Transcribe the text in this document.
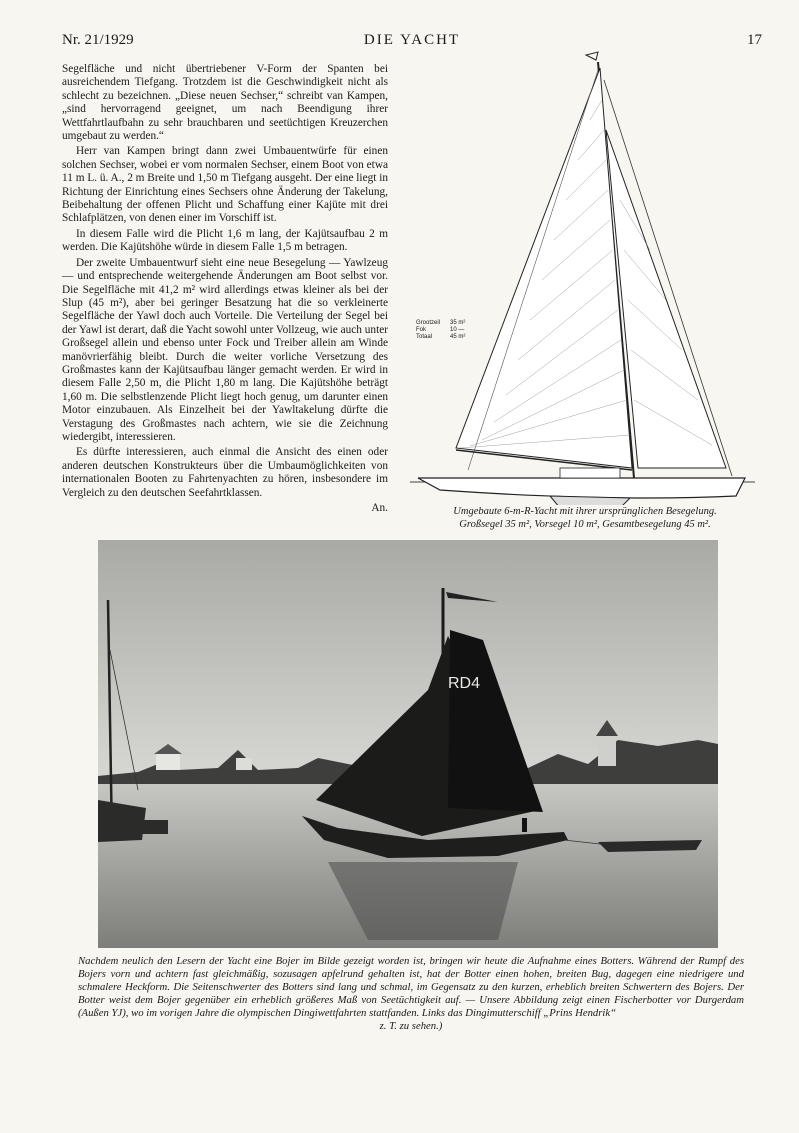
Nr. 21/1929	DIE YACHT	17

Segelfläche und nicht übertriebener V-Form der Spanten bei ausreichendem Tiefgang. Trotzdem ist die Geschwindigkeit nicht als schlecht zu bezeichnen. „Diese neuen Sechser,“ schreibt van Kampen, „sind hervorragend geeignet, um nach Beendigung ihrer Wettfahrtlaufbahn zu sehr brauchbaren und seetüchtigen Kreuzerchen umgebaut zu werden.“

Herr van Kampen bringt dann zwei Umbauentwürfe für einen solchen Sechser, wobei er vom normalen Sechser, einem Boot von etwa 11 m L. ü. A., 2 m Breite und 1,50 m Tiefgang ausgeht. Der eine liegt in Richtung der Einrichtung eines Sechsers ohne Änderung der Takelung, Beibehaltung der offenen Plicht und Schaffung einer Kajüte mit drei Schlafplätzen, von denen einer im Vorschiff ist.

In diesem Falle wird die Plicht 1,6 m lang, der Kajütsaufbau 2 m werden. Die Kajütshöhe würde in diesem Falle 1,5 m betragen.

Der zweite Umbauentwurf sieht eine neue Besegelung — Yawlzeug — und entsprechende weitergehende Änderungen am Boot selbst vor. Die Segelfläche mit 41,2 m² wird allerdings etwas kleiner als bei der Slup (45 m²), aber bei geringer Besatzung hat die so verkleinerte Segelfläche der Yawl doch auch Vorteile. Die Verteilung der Segel bei der Yawl ist derart, daß die Yacht sowohl unter Vollzeug, wie auch unter Großsegel allein und ebenso unter Fock und Treiber allein am Winde manövrierfähig bleibt. Durch die weiter vorliche Versetzung des Großmastes kann der Kajütsaufbau länger gemacht werden. Er wird in diesem Falle 2,50 m, die Plicht 1,80 m lang. Die Kajütshöhe beträgt 1,60 m. Die selbstlenzende Plicht liegt hoch genug, um darunter einen Motor einzubauen. Als Einzelheit bei der Yawltakelung dürfte die Verstagung des Großmastes nach achtern, wie sie die Zeichnung wiedergibt, interessieren.

Es dürfte interessieren, auch einmal die Ansicht des einen oder anderen deutschen Konstrukteurs über die Umbaumöglichkeiten von internationalen Booten zu Fahrtenyachten zu hören, insbesondere im Vergleich zu den deutschen Seefahrtklassen.

An.
Grootzeil 35 m²
Fok	10 —
Totaal	45 m²
Umgebaute 6-m-R-Yacht mit ihrer ursprünglichen Besegelung.
Großsegel 35 m², Vorsegel 10 m², Gesamtbesegelung 45 m².
RD4
Nachdem neulich den Lesern der Yacht eine Bojer im Bilde gezeigt worden ist, bringen wir heute die Aufnahme eines Botters. Während der Rumpf des Bojers vorn und achtern fast gleichmäßig, sozusagen apfelrund gehalten ist, hat der Botter einen hohen, breiten Bug, dagegen eine niedrigere und schmalere Heckform. Die Seitenschwerter des Botters sind lang und schmal, im Gegensatz zu den kurzen, erheblich breiten Schwertern des Bojers. Der Botter weist dem Bojer gegenüber ein erheblich größeres Maß von Seetüchtigkeit auf. — Unsere Abbildung zeigt einen Fischerbotter vor Durgerdam (Außen YJ), wo im vorigen Jahre die olympischen Dingiwettfahrten stattfanden. Links das Dingimutterschiff „Prins Hendrik“
z. T. zu sehen.)
